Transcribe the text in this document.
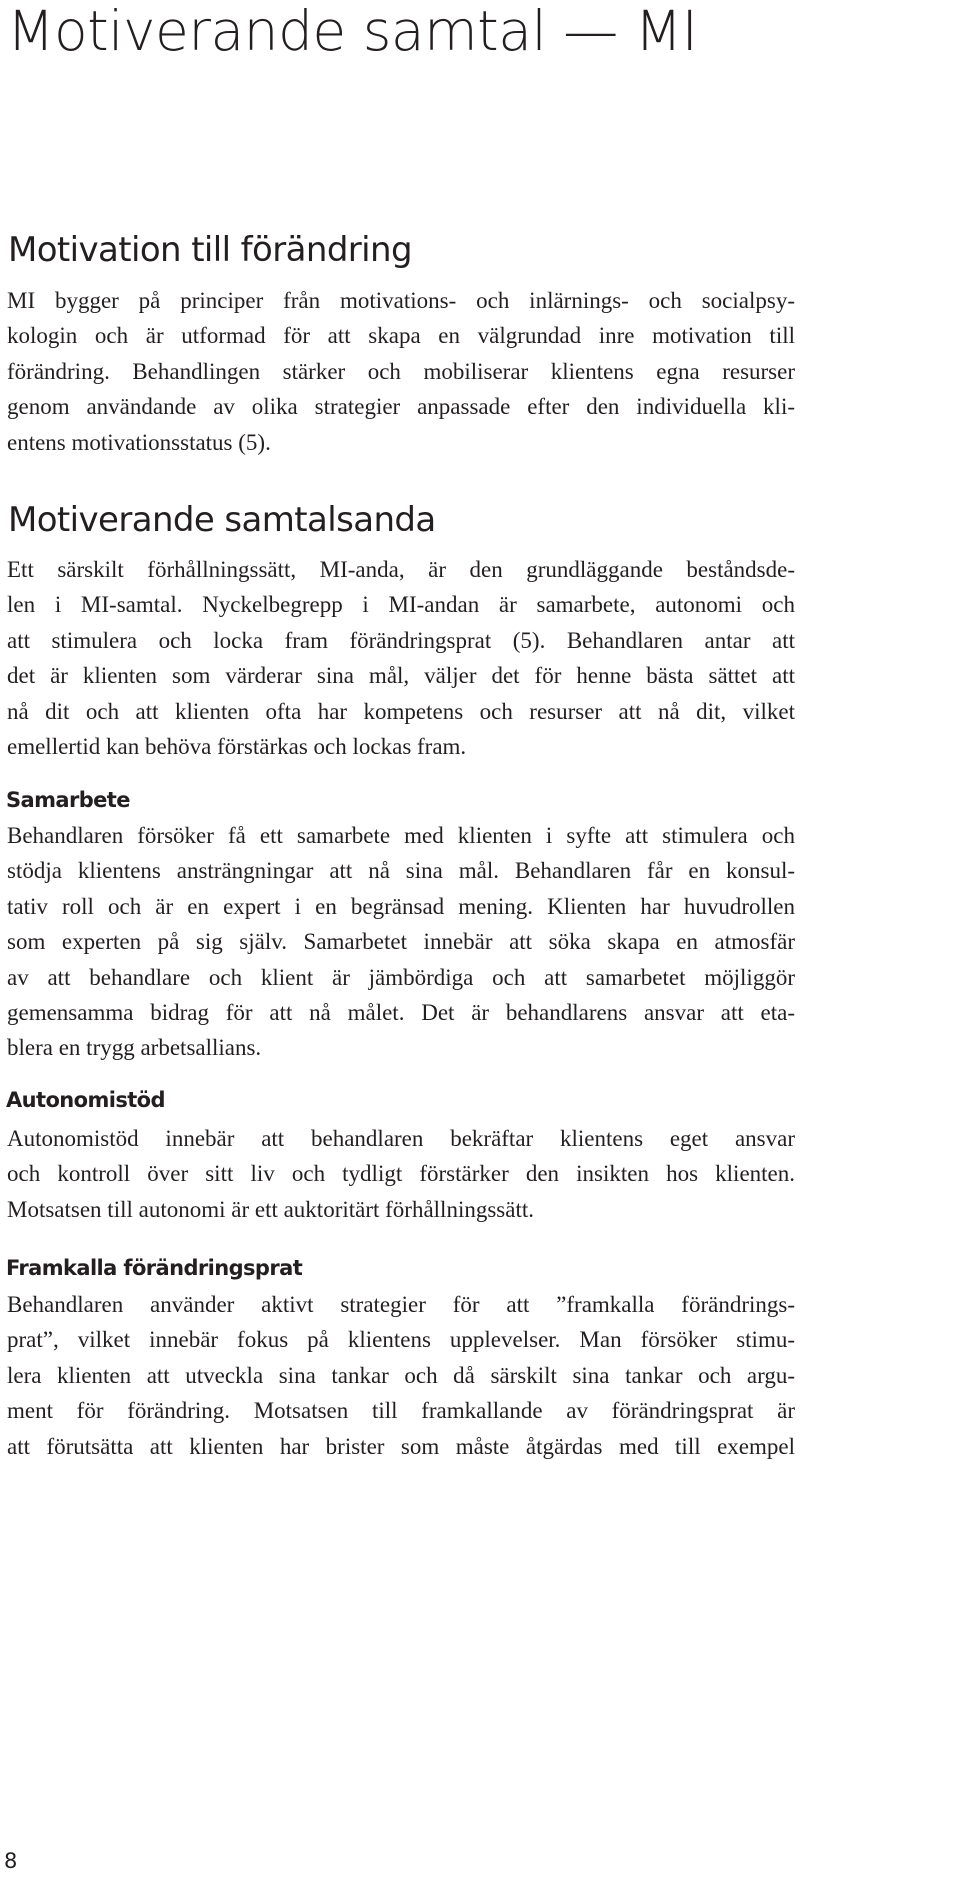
Motiverande samtal — MI
Motivation till förändring

MI bygger på principer från motivations- och inlärnings- och socialpsy-
kologin och är utformad för att skapa en välgrundad inre motivation till
förändring. Behandlingen stärker och mobiliserar klientens egna resurser
genom användande av olika strategier anpassade efter den individuella kli-
entens motivationsstatus (5).

Motiverande samtalsanda

Ett särskilt förhållningssätt, MI-anda, är den grundläggande beståndsde-
len i MI-samtal. Nyckelbegrepp i MI-andan är samarbete, autonomi och
att stimulera och locka fram förändringsprat (5). Behandlaren antar att
det är klienten som värderar sina mål, väljer det för henne bästa sättet att
nå dit och att klienten ofta har kompetens och resurser att nå dit, vilket
emellertid kan behöva förstärkas och lockas fram.

Samarbete

Behandlaren försöker få ett samarbete med klienten i syfte att stimulera och
stödja klientens ansträngningar att nå sina mål. Behandlaren får en konsul-
tativ roll och är en expert i en begränsad mening. Klienten har huvudrollen
som experten på sig själv. Samarbetet innebär att söka skapa en atmosfär
av att behandlare och klient är jämbördiga och att samarbetet möjliggör
gemensamma bidrag för att nå målet. Det är behandlarens ansvar att eta-
blera en trygg arbetsallians.

Autonomistöd

Autonomistöd innebär att behandlaren bekräftar klientens eget ansvar
och kontroll över sitt liv och tydligt förstärker den insikten hos klienten.
Motsatsen till autonomi är ett auktoritärt förhållningssätt.

Framkalla förändringsprat

Behandlaren använder aktivt strategier för att ”framkalla förändrings-
prat”, vilket innebär fokus på klientens upplevelser. Man försöker stimu-
lera klienten att utveckla sina tankar och då särskilt sina tankar och argu-
ment för förändring. Motsatsen till framkallande av förändringsprat är
att förutsätta att klienten har brister som måste åtgärdas med till exempel

8
